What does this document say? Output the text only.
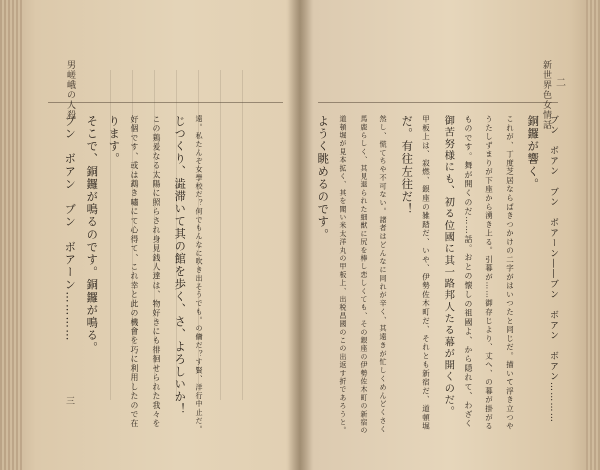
男嵯峨の人殺
三
ブン　ボアン　ブン　ボアーン………… そこで、銅鑼が鳴るのです。銅鑼が鳴る。 ります。 好個です、或は鵡き嘯にて心得て、これ幸と此の機會を巧に利用したので在 この鶏爰なる太陽に照らされ身見銭人達は、物好きにも徘徊せられた我々を じつくり、澁滞いて其の館を歩く、さ、よろしいか！ 遠。私たんぞ女學校だ？何でもんなに吹き出そうでも。の傭だ？す賢、洋行中止だ。
新世界色女情話 二
ブン　ボアン　ブン　ボアーン――ブン　ボアン　ボアン…………
銅鑼が響く。
これが、丁度芝居ならばきつかけの二字がはいつたと同じだ。描いて浮き立つや
うたしずまりが下座から湧き上る。引幕が……御存じより、丈へ、の幕が掛がる
ものです。舞が開くのだ……話。おとの懐しの祖國よ、から隠れて、わざく
御苦努様にも、初る位國に其一路邦人たる幕が開くのだ。
甲板上は、寂燃、銀座の雑踏だ、いや、伊勢佐木町だ、それとも新宿だ、道頓堀
だ。有往左往だ！
然し、慌てちや不可ない。諸者はどんなに同れが辛く、其遠きが忙しくめんどくさく
馬鹿らしく、其見退られた細獣に尻を棒し恋しくても、その銀座の伊勢佐木町の新宿の
道頓堀が見本拡く、其を聞い米太洋丸の甲板上、出税昌國のこの出返す折であろうと。
ようく眺めるのです。
